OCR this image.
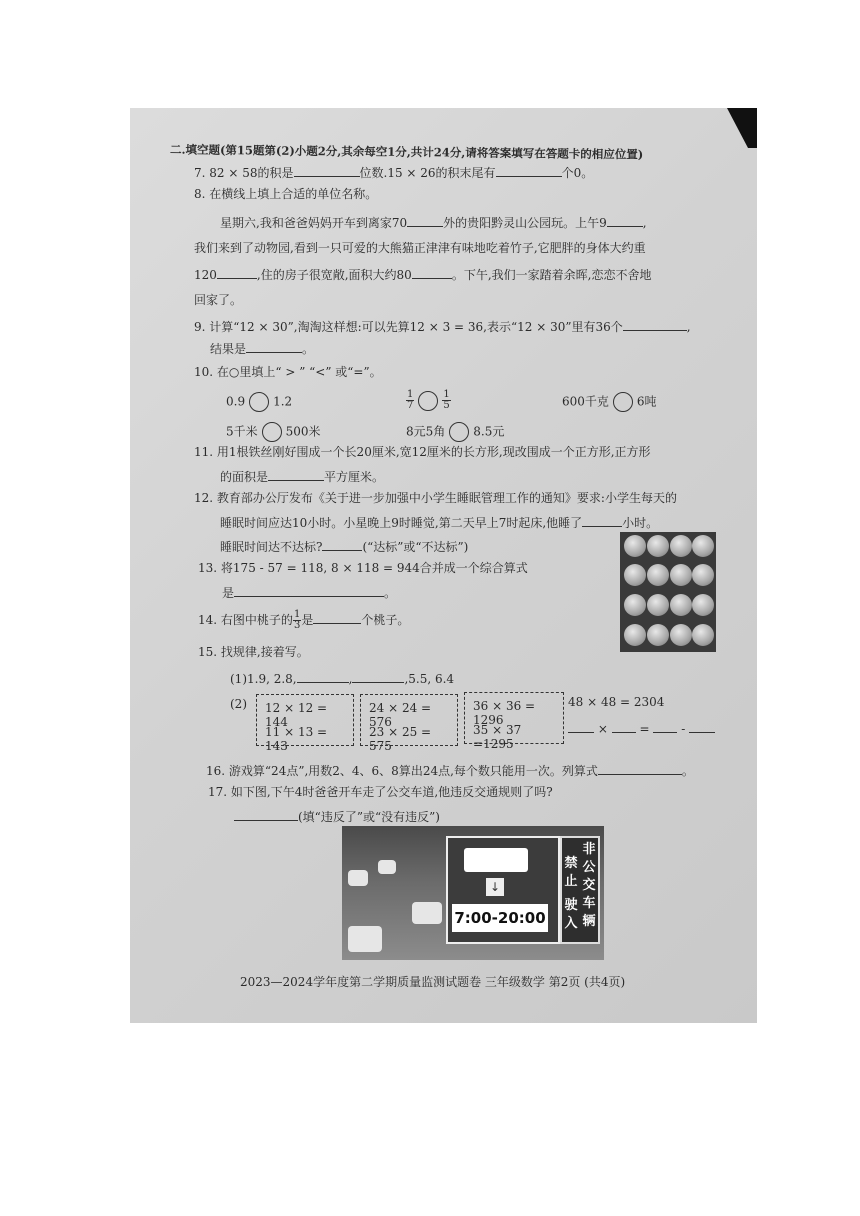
二.填空题(第15题第(2)小题2分,其余每空1分,共计24分,请将答案填写在答题卡的相应位置)
7. 82 × 58的积是	位数.15 × 26的积末尾有	个0。
8. 在横线上填上合适的单位名称。
星期六,我和爸爸妈妈开车到离家70	外的贵阳黔灵山公园玩。上午9	,
我们来到了动物园,看到一只可爱的大熊猫正津津有味地吃着竹子,它肥胖的身体大约重
120	,住的房子很宽敞,面积大约80	。下午,我们一家踏着余晖,恋恋不舍地
回家了。
9. 计算“12 × 30”,淘淘这样想:可以先算12 × 3 = 36,表示“12 × 30”里有36个	,
结果是	。
10. 在○里填上“ > ” “<” 或“=”。
0.9 1.2	$\frac{1}{7}$	$\frac{1}{5}$	600千克 6吨
5千米 500米	8元5角 8.5元
11. 用1根铁丝刚好围成一个长20厘米,宽12厘米的长方形,现改围成一个正方形,正方形
的面积是	平方厘米。
12. 教育部办公厅发布《关于进一步加强中小学生睡眠管理工作的通知》要求:小学生每天的
睡眠时间应达10小时。小星晚上9时睡觉,第二天早上7时起床,他睡了	小时。
睡眠时间达不达标?	(“达标”或“不达标”)
13. 将175 - 57 = 118, 8 × 118 = 944合并成一个综合算式
是	。
14. 右图中桃子的 $\frac{1}{3}$ 是	个桃子。
15. 找规律,接着写。
(1)1.9, 2.8,	,	,5.5, 6.4
(2) 12 × 12 = 144
11 × 13 = 143
24 × 24 = 576
23 × 25 = 575
36 × 36 = 1296
35 × 37 =1295
48 × 48 = 2304
×	=	-
16. 游戏算“24点”,用数2、4、6、8算出24点,每个数只能用一次。列算式	。
17. 如下图,下午4时爸爸开车走了公交车道,他违反交通规则了吗?
(填“违反了”或“没有违反”)
↓
7:00-20:00
禁
止
驶
入
非
公
交
车
辆
2023—2024学年度第二学期质量监测试题卷 三年级数学 第2页 (共4页)
